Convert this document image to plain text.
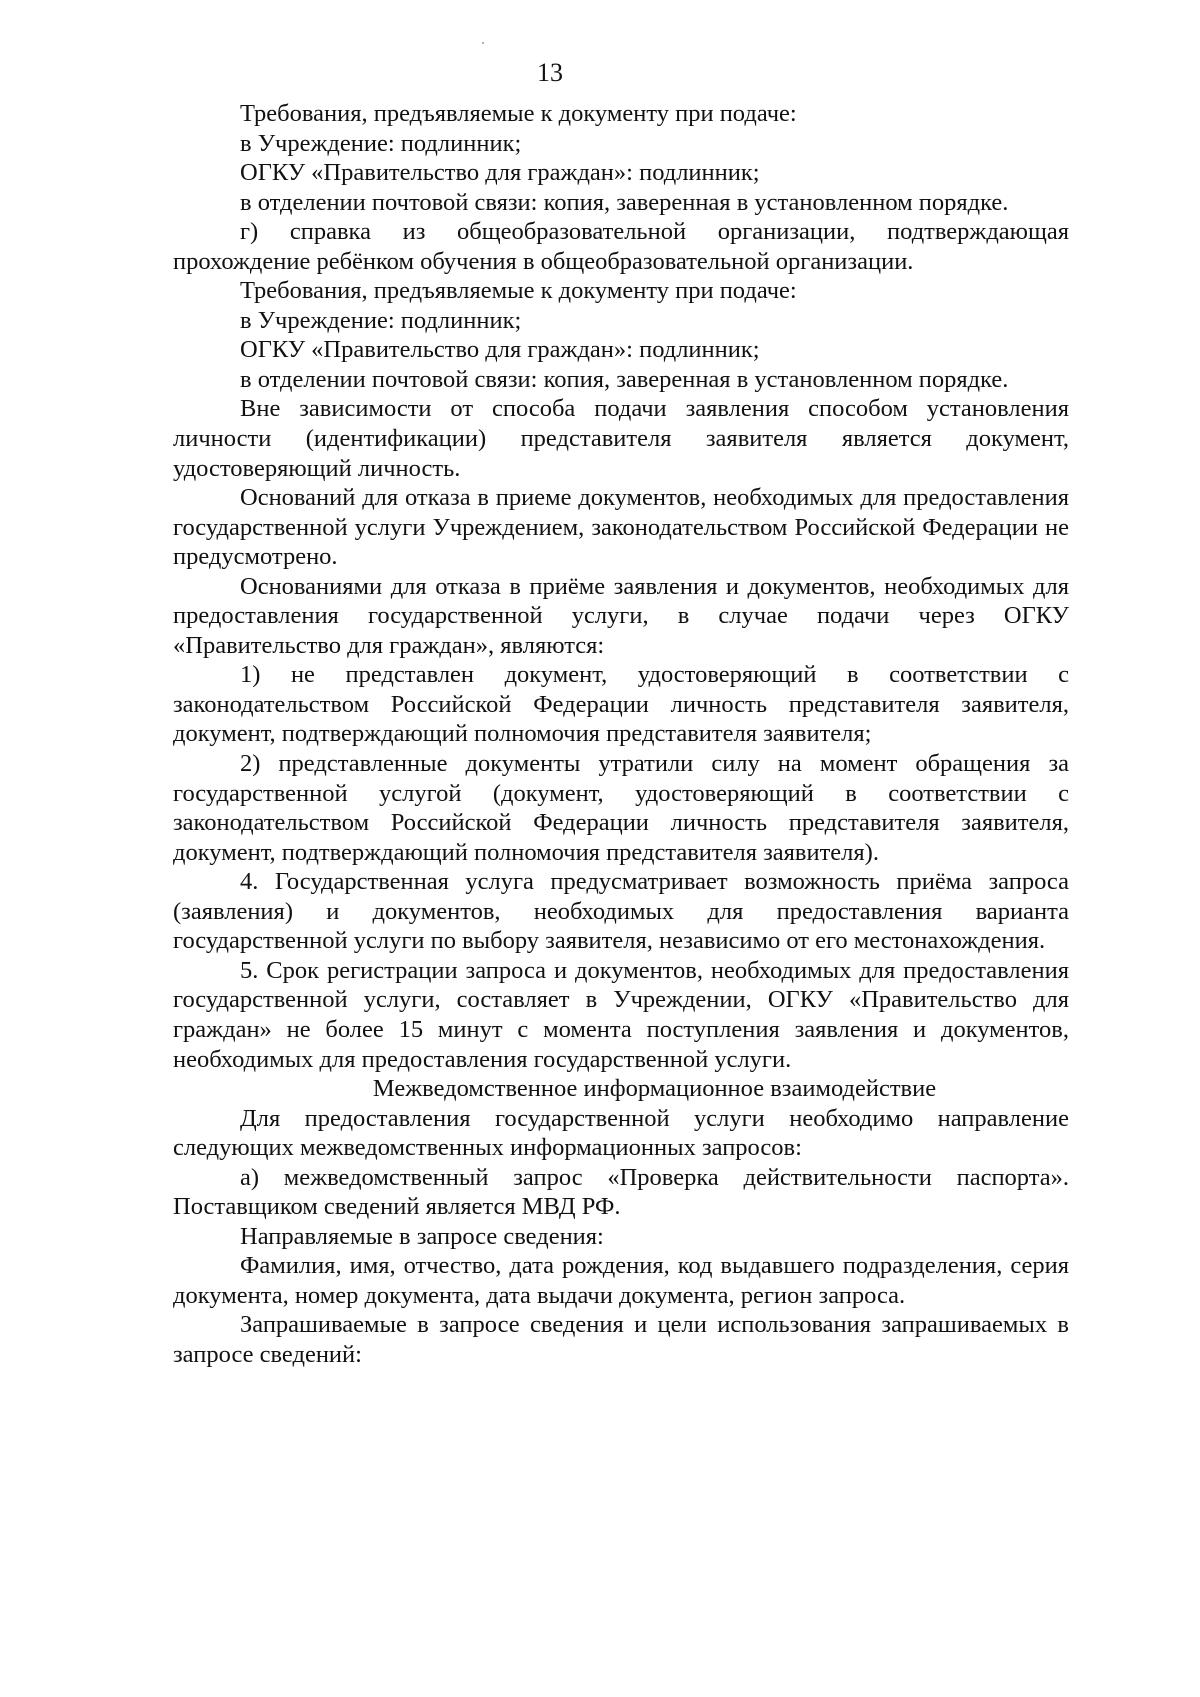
13

Требования, предъявляемые к документу при подаче:

в Учреждение: подлинник;

ОГКУ «Правительство для граждан»: подлинник;

в отделении почтовой связи: копия, заверенная в установленном порядке.

г) справка из общеобразовательной организации, подтверждающая прохождение ребёнком обучения в общеобразовательной организации.

Требования, предъявляемые к документу при подаче:

в Учреждение: подлинник;

ОГКУ «Правительство для граждан»: подлинник;

в отделении почтовой связи: копия, заверенная в установленном порядке.

Вне зависимости от способа подачи заявления способом установления личности (идентификации) представителя заявителя является документ, удостоверяющий личность.

Оснований для отказа в приеме документов, необходимых для предоставления государственной услуги Учреждением, законодательством Российской Федерации не предусмотрено.

Основаниями для отказа в приёме заявления и документов, необходимых для предоставления государственной услуги, в случае подачи через ОГКУ «Правительство для граждан», являются:

1) не представлен документ, удостоверяющий в соответствии с законодательством Российской Федерации личность представителя заявителя, документ, подтверждающий полномочия представителя заявителя;

2) представленные документы утратили силу на момент обращения за государственной услугой (документ, удостоверяющий в соответствии с законодательством Российской Федерации личность представителя заявителя, документ, подтверждающий полномочия представителя заявителя).

4. Государственная услуга предусматривает возможность приёма запроса (заявления) и документов, необходимых для предоставления варианта государственной услуги по выбору заявителя, независимо от его местонахождения.

5. Срок регистрации запроса и документов, необходимых для предоставления государственной услуги, составляет в Учреждении, ОГКУ «Правительство для граждан» не более 15 минут с момента поступления заявления и документов, необходимых для предоставления государственной услуги.

Межведомственное информационное взаимодействие

Для предоставления государственной услуги необходимо направление следующих межведомственных информационных запросов:

а) межведомственный запрос «Проверка действительности паспорта». Поставщиком сведений является МВД РФ.

Направляемые в запросе сведения:

Фамилия, имя, отчество, дата рождения, код выдавшего подразделения, серия документа, номер документа, дата выдачи документа, регион запроса.

Запрашиваемые в запросе сведения и цели использования запрашиваемых в запросе сведений:
